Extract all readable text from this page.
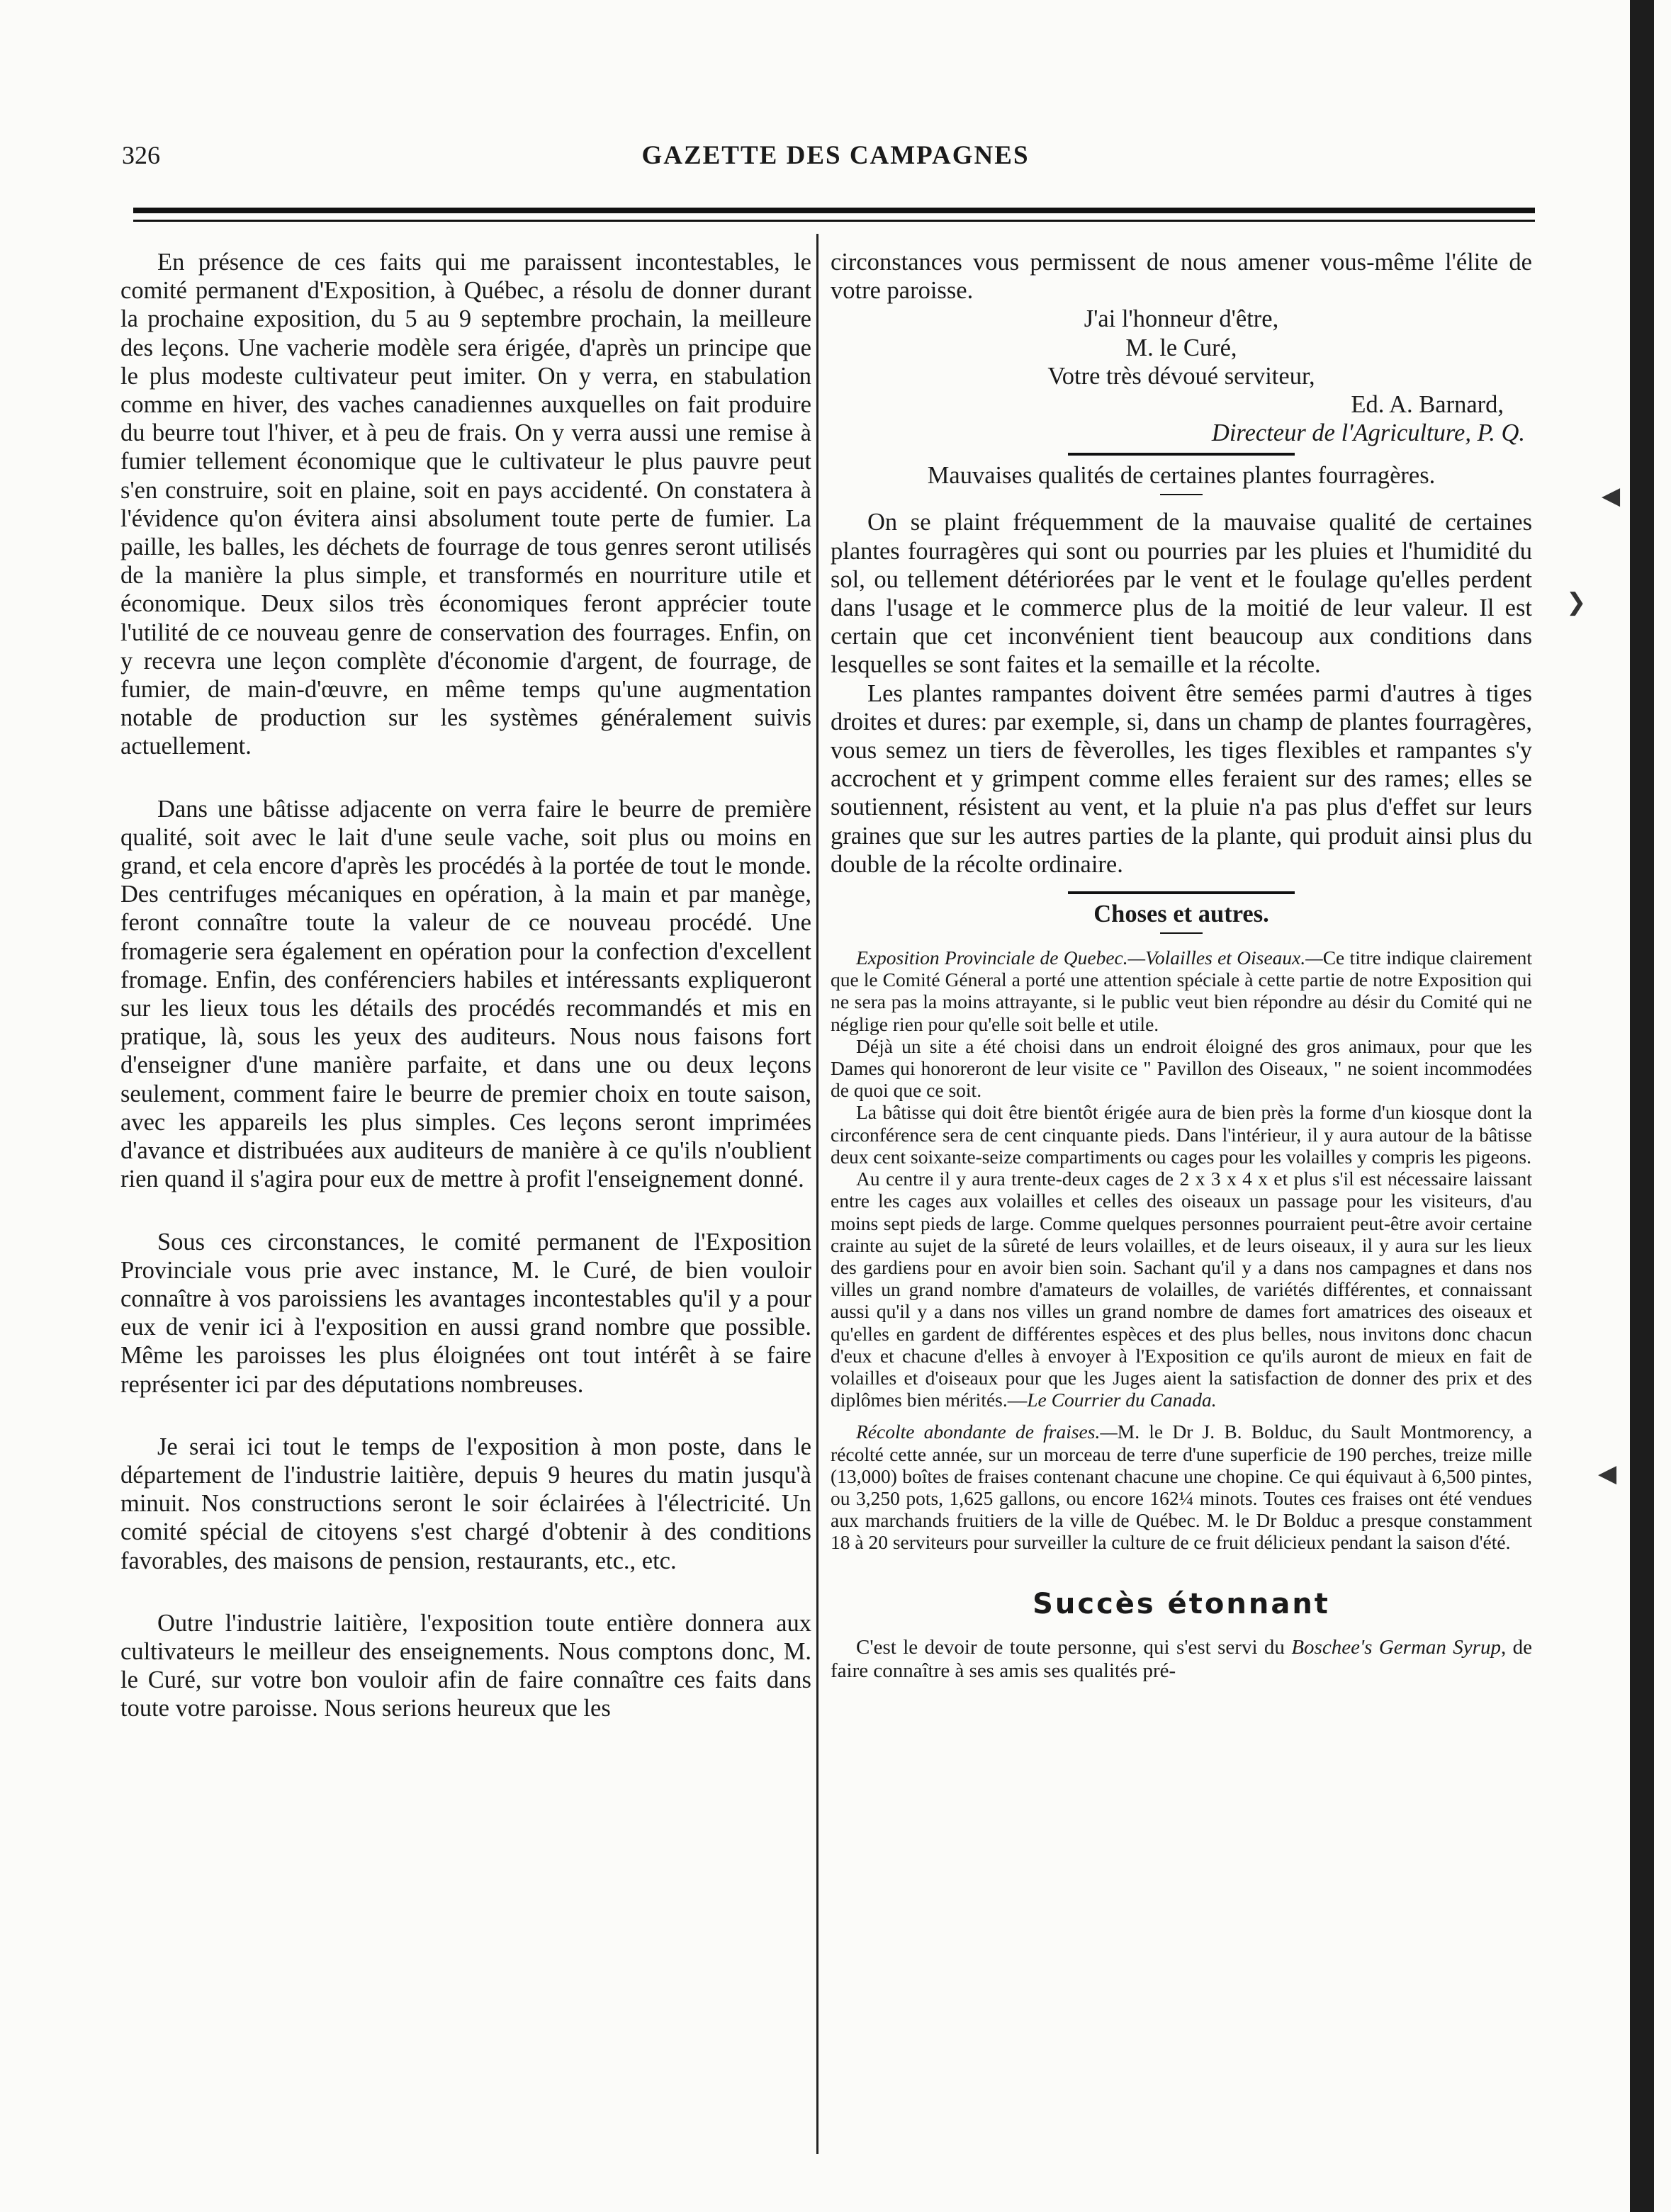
326	GAZETTE DES CAMPAGNES

En présence de ces faits qui me paraissent incontestables, le comité permanent d'Exposition, à Québec, a résolu de donner durant la prochaine exposition, du 5 au 9 septembre prochain, la meilleure des leçons. Une vacherie modèle sera érigée, d'après un principe que le plus modeste cultivateur peut imiter. On y verra, en stabulation comme en hiver, des vaches canadiennes auxquelles on fait produire du beurre tout l'hiver, et à peu de frais. On y verra aussi une remise à fumier tellement économique que le cultivateur le plus pauvre peut s'en construire, soit en plaine, soit en pays accidenté. On constatera à l'évidence qu'on évitera ainsi absolument toute perte de fumier. La paille, les balles, les déchets de fourrage de tous genres seront utilisés de la manière la plus simple, et transformés en nourriture utile et économique. Deux silos très économiques feront apprécier toute l'utilité de ce nouveau genre de conservation des fourrages. Enfin, on y recevra une leçon complète d'économie d'argent, de fourrage, de fumier, de main-d'œuvre, en même temps qu'une augmentation notable de production sur les systèmes généralement suivis actuellement.

Dans une bâtisse adjacente on verra faire le beurre de première qualité, soit avec le lait d'une seule vache, soit plus ou moins en grand, et cela encore d'après les procédés à la portée de tout le monde. Des centrifuges mécaniques en opération, à la main et par manège, feront connaître toute la valeur de ce nouveau procédé. Une fromagerie sera également en opération pour la confection d'excellent fromage. Enfin, des conférenciers habiles et intéressants expliqueront sur les lieux tous les détails des procédés recommandés et mis en pratique, là, sous les yeux des auditeurs. Nous nous faisons fort d'enseigner d'une manière parfaite, et dans une ou deux leçons seulement, comment faire le beurre de premier choix en toute saison, avec les appareils les plus simples. Ces leçons seront imprimées d'avance et distribuées aux auditeurs de manière à ce qu'ils n'oublient rien quand il s'agira pour eux de mettre à profit l'enseignement donné.

Sous ces circonstances, le comité permanent de l'Exposition Provinciale vous prie avec instance, M. le Curé, de bien vouloir connaître à vos paroissiens les avantages incontestables qu'il y a pour eux de venir ici à l'exposition en aussi grand nombre que possible. Même les paroisses les plus éloignées ont tout intérêt à se faire représenter ici par des députations nombreuses.

Je serai ici tout le temps de l'exposition à mon poste, dans le département de l'industrie laitière, depuis 9 heures du matin jusqu'à minuit. Nos constructions seront le soir éclairées à l'électricité. Un comité spécial de citoyens s'est chargé d'obtenir à des conditions favorables, des maisons de pension, restaurants, etc., etc.

Outre l'industrie laitière, l'exposition toute entière donnera aux cultivateurs le meilleur des enseignements. Nous comptons donc, M. le Curé, sur votre bon vouloir afin de faire connaître ces faits dans toute votre paroisse. Nous serions heureux que les

circonstances vous permissent de nous amener vous-même l'élite de votre paroisse.

J'ai l'honneur d'être,
M. le Curé,
Votre très dévoué serviteur,
Ed. A. Barnard,
Directeur de l'Agriculture, P. Q.
Mauvaises qualités de certaines plantes fourragères.

On se plaint fréquemment de la mauvaise qualité de certaines plantes fourragères qui sont ou pourries par les pluies et l'humidité du sol, ou tellement détériorées par le vent et le foulage qu'elles perdent dans l'usage et le commerce plus de la moitié de leur valeur. Il est certain que cet inconvénient tient beaucoup aux conditions dans lesquelles se sont faites et la semaille et la récolte.

Les plantes rampantes doivent être semées parmi d'autres à tiges droites et dures: par exemple, si, dans un champ de plantes fourragères, vous semez un tiers de fèverolles, les tiges flexibles et rampantes s'y accrochent et y grimpent comme elles feraient sur des rames; elles se soutiennent, résistent au vent, et la pluie n'a pas plus d'effet sur leurs graines que sur les autres parties de la plante, qui produit ainsi plus du double de la récolte ordinaire.

Choses et autres.

Exposition Provinciale de Quebec.—Volailles et Oiseaux.—Ce titre indique clairement que le Comité Géneral a porté une attention spéciale à cette partie de notre Exposition qui ne sera pas la moins attrayante, si le public veut bien répondre au désir du Comité qui ne néglige rien pour qu'elle soit belle et utile.

Déjà un site a été choisi dans un endroit éloigné des gros animaux, pour que les Dames qui honoreront de leur visite ce " Pavillon des Oiseaux, " ne soient incommodées de quoi que ce soit.

La bâtisse qui doit être bientôt érigée aura de bien près la forme d'un kiosque dont la circonférence sera de cent cinquante pieds. Dans l'intérieur, il y aura autour de la bâtisse deux cent soixante-seize compartiments ou cages pour les volailles y compris les pigeons.

Au centre il y aura trente-deux cages de 2 x 3 x 4 x et plus s'il est nécessaire laissant entre les cages aux volailles et celles des oiseaux un passage pour les visiteurs, d'au moins sept pieds de large. Comme quelques personnes pourraient peut-être avoir certaine crainte au sujet de la sûreté de leurs volailles, et de leurs oiseaux, il y aura sur les lieux des gardiens pour en avoir bien soin. Sachant qu'il y a dans nos campagnes et dans nos villes un grand nombre d'amateurs de volailles, de variétés différentes, et connaissant aussi qu'il y a dans nos villes un grand nombre de dames fort amatrices des oiseaux et qu'elles en gardent de différentes espèces et des plus belles, nous invitons donc chacun d'eux et chacune d'elles à envoyer à l'Exposition ce qu'ils auront de mieux en fait de volailles et d'oiseaux pour que les Juges aient la satisfaction de donner des prix et des diplômes bien mérités.—Le Courrier du Canada.

Récolte abondante de fraises.—M. le Dr J. B. Bolduc, du Sault Montmorency, a récolté cette année, sur un morceau de terre d'une superficie de 190 perches, treize mille (13,000) boîtes de fraises contenant chacune une chopine. Ce qui équivaut à 6,500 pintes, ou 3,250 pots, 1,625 gallons, ou encore 162¼ minots. Toutes ces fraises ont été vendues aux marchands fruitiers de la ville de Québec. M. le Dr Bolduc a presque constamment 18 à 20 serviteurs pour surveiller la culture de ce fruit délicieux pendant la saison d'été.

Succès étonnant

C'est le devoir de toute personne, qui s'est servi du Boschee's German Syrup, de faire connaître à ses amis ses qualités pré-

❯
◀
◀
